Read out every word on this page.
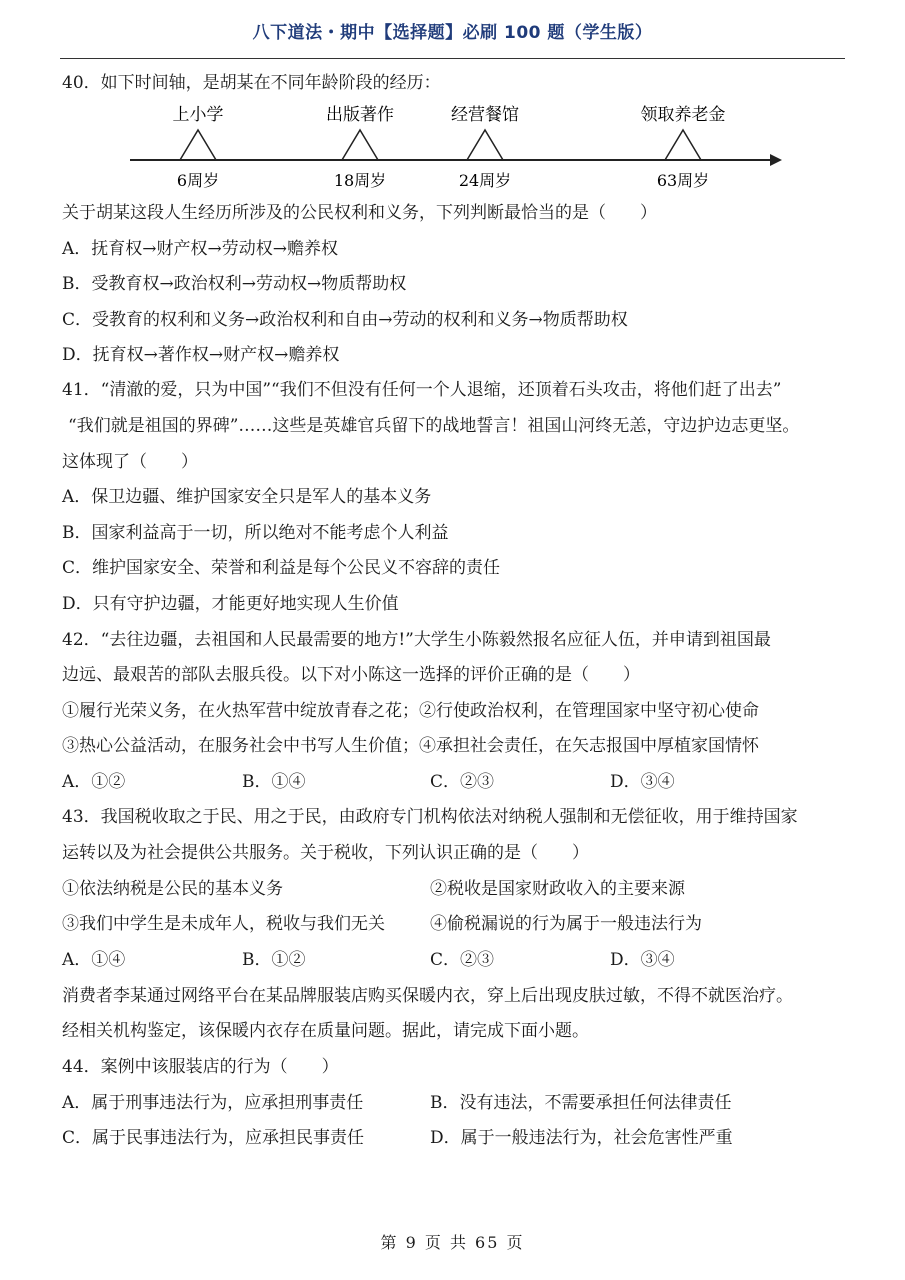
八下道法・期中【选择题】必刷 100 题（学生版）
40．如下时间轴，是胡某在不同年龄阶段的经历：
上小学
6周岁
出版著作
18周岁
经营餐馆
24周岁
领取养老金
63周岁
关于胡某这段人生经历所涉及的公民权利和义务，下列判断最恰当的是（　　）
A．抚育权→财产权→劳动权→赡养权
B．受教育权→政治权利→劳动权→物质帮助权
C．受教育的权利和义务→政治权利和自由→劳动的权利和义务→物质帮助权
D．抚育权→著作权→财产权→赡养权
41．“清澈的爱，只为中国”“我们不但没有任何一个人退缩，还顶着石头攻击，将他们赶了出去”
“我们就是祖国的界碑”……这些是英雄官兵留下的战地誓言！祖国山河终无恙，守边护边志更坚。
这体现了（　　）
A．保卫边疆、维护国家安全只是军人的基本义务
B．国家利益高于一切，所以绝对不能考虑个人利益
C．维护国家安全、荣誉和利益是每个公民义不容辞的责任
D．只有守护边疆，才能更好地实现人生价值
42．“去往边疆，去祖国和人民最需要的地方!”大学生小陈毅然报名应征人伍，并申请到祖国最
边远、最艰苦的部队去服兵役。以下对小陈这一选择的评价正确的是（　　）
①履行光荣义务，在火热军营中绽放青春之花；②行使政治权利，在管理国家中坚守初心使命
③热心公益活动，在服务社会中书写人生价值；④承担社会责任，在矢志报国中厚植家国情怀
A．①②	B．①④	C．②③	D．③④
43．我国税收取之于民、用之于民，由政府专门机构依法对纳税人强制和无偿征收，用于维持国家
运转以及为社会提供公共服务。关于税收，下列认识正确的是（　　）
①依法纳税是公民的基本义务	②税收是国家财政收入的主要来源
③我们中学生是未成年人，税收与我们无关	④偷税漏说的行为属于一般违法行为
A．①④	B．①②	C．②③	D．③④
消费者李某通过网络平台在某品牌服装店购买保暖内衣，穿上后出现皮肤过敏，不得不就医治疗。
经相关机构鉴定，该保暖内衣存在质量问题。据此，请完成下面小题。
44．案例中该服装店的行为（　　）
A．属于刑事违法行为，应承担刑事责任	B．没有违法，不需要承担任何法律责任
C．属于民事违法行为，应承担民事责任	D．属于一般违法行为，社会危害性严重
第 9 页 共 65 页
